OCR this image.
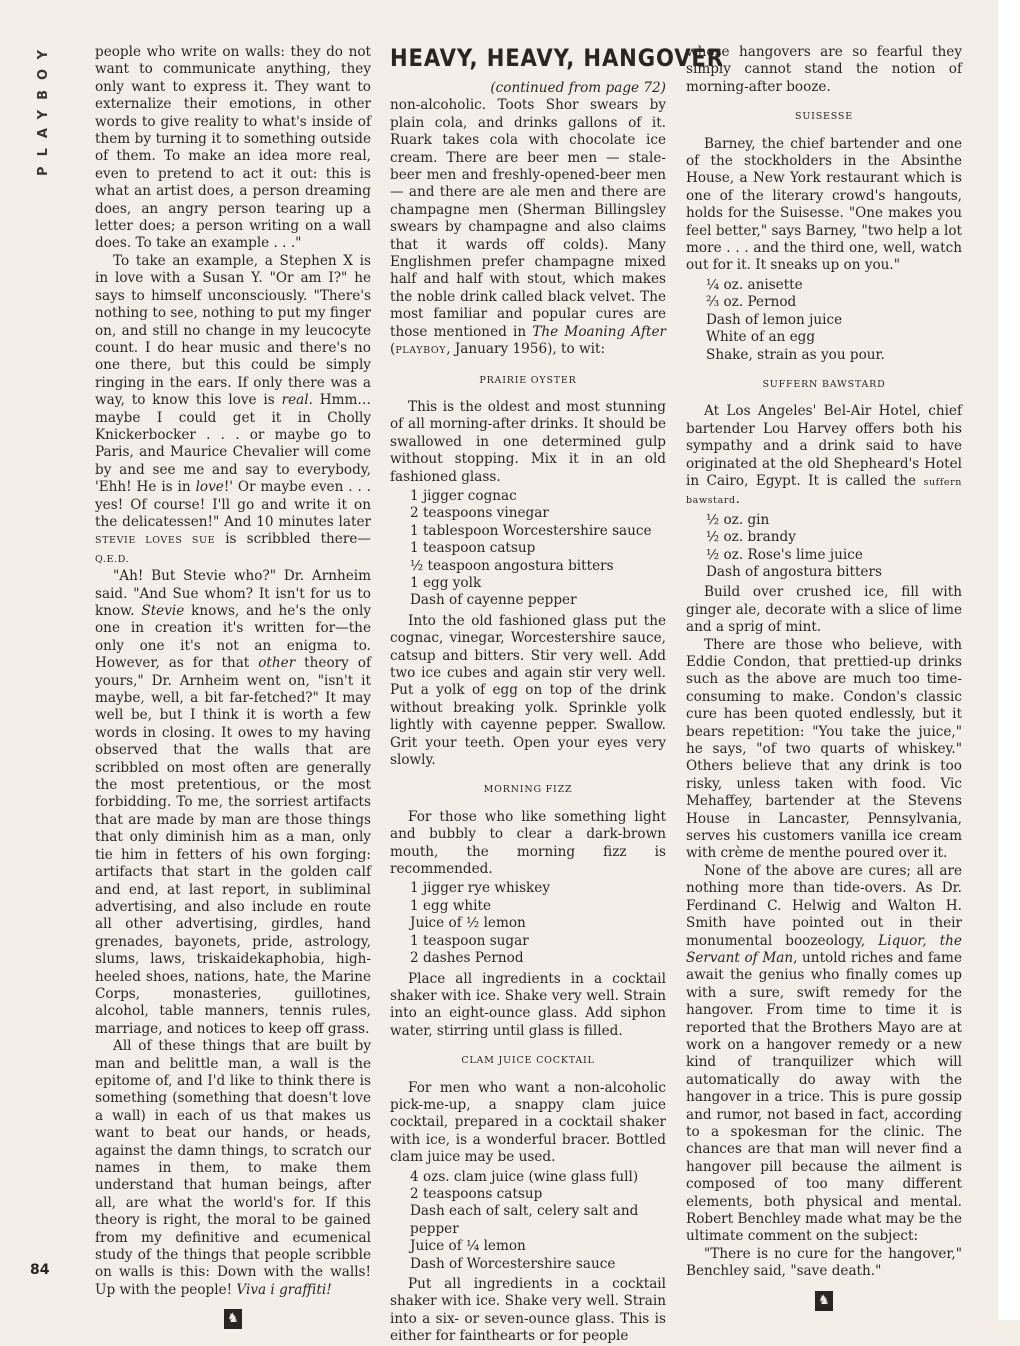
PLAYBOY	people who write on walls: they do not want to communicate anything, they only want to express it. They want to externalize their emotions, in other words to give reality to what's inside of them by turning it to something outside of them. To make an idea more real, even to pretend to act it out: this is what an artist does, a person dreaming does, an angry person tearing up a letter does; a person writing on a wall does. To take an example . . ."

To take an example, a Stephen X is in love with a Susan Y. "Or am I?" he says to himself unconsciously. "There's nothing to see, nothing to put my finger on, and still no change in my leucocyte count. I do hear music and there's no one there, but this could be simply ringing in the ears. If only there was a way, to know this love is real. Hmm…maybe I could get it in Cholly Knickerbocker . . . or maybe go to Paris, and Maurice Chevalier will come by and see me and say to everybody, 'Ehh! He is in love!' Or maybe even . . . yes! Of course! I'll go and write it on the delicatessen!" And 10 minutes later STEVIE LOVES SUE is scribbled there—Q.E.D.

"Ah! But Stevie who?" Dr. Arnheim said. "And Sue whom? It isn't for us to know. Stevie knows, and he's the only one in creation it's written for—the only one it's not an enigma to. However, as for that other theory of yours," Dr. Arnheim went on, "isn't it maybe, well, a bit far-fetched?" It may well be, but I think it is worth a few words in closing. It owes to my having observed that the walls that are scribbled on most often are generally the most pretentious, or the most forbidding. To me, the sorriest artifacts that are made by man are those things that only diminish him as a man, only tie him in fetters of his own forging: artifacts that start in the golden calf and end, at last report, in subliminal advertising, and also include en route all other advertising, girdles, hand grenades, bayonets, pride, astrology, slums, laws, triskaidekaphobia, high-heeled shoes, nations, hate, the Marine Corps, monasteries, guillotines, alcohol, table manners, tennis rules, marriage, and notices to keep off grass.

All of these things that are built by man and belittle man, a wall is the epitome of, and I'd like to think there is something (something that doesn't love a wall) in each of us that makes us want to beat our hands, or heads, against the damn things, to scratch our names in them, to make them understand that human beings, after all, are what the world's for. If this theory is right, the moral to be gained from my definitive and ecumenical study of the things that people scribble on walls is this: Down with the walls! Up with the people! Viva i graffiti!

♞
HEAVY, HEAVY, HANGOVER

(continued from page 72)

non-alcoholic. Toots Shor swears by plain cola, and drinks gallons of it. Ruark takes cola with chocolate ice cream. There are beer men — stale-beer men and freshly-opened-beer men — and there are ale men and there are champagne men (Sherman Billingsley swears by champagne and also claims that it wards off colds). Many Englishmen prefer champagne mixed half and half with stout, which makes the noble drink called black velvet. The most familiar and popular cures are those mentioned in The Moaning After (PLAYBOY, January 1956), to wit:

PRAIRIE OYSTER

This is the oldest and most stunning of all morning-after drinks. It should be swallowed in one determined gulp without stopping. Mix it in an old fashioned glass.

1 jigger cognac
2 teaspoons vinegar
1 tablespoon Worcestershire sauce
1 teaspoon catsup
½ teaspoon angostura bitters
1 egg yolk
Dash of cayenne pepper

Into the old fashioned glass put the cognac, vinegar, Worcestershire sauce, catsup and bitters. Stir very well. Add two ice cubes and again stir very well. Put a yolk of egg on top of the drink without breaking yolk. Sprinkle yolk lightly with cayenne pepper. Swallow. Grit your teeth. Open your eyes very slowly.

MORNING FIZZ

For those who like something light and bubbly to clear a dark-brown mouth, the morning fizz is recommended.

1 jigger rye whiskey
1 egg white
Juice of ½ lemon
1 teaspoon sugar
2 dashes Pernod

Place all ingredients in a cocktail shaker with ice. Shake very well. Strain into an eight-ounce glass. Add siphon water, stirring until glass is filled.

CLAM JUICE COCKTAIL

For men who want a non-alcoholic pick-me-up, a snappy clam juice cocktail, prepared in a cocktail shaker with ice, is a wonderful bracer. Bottled clam juice may be used.

4 ozs. clam juice (wine glass full)
2 teaspoons catsup
Dash each of salt, celery salt and pepper
Juice of ¼ lemon
Dash of Worcestershire sauce

Put all ingredients in a cocktail shaker with ice. Shake very well. Strain into a six- or seven-ounce glass. This is either for fainthearts or for people

whose hangovers are so fearful they simply cannot stand the notion of morning-after booze.

SUISESSE

Barney, the chief bartender and one of the stockholders in the Absinthe House, a New York restaurant which is one of the literary crowd's hangouts, holds for the Suisesse. "One makes you feel better," says Barney, "two help a lot more . . . and the third one, well, watch out for it. It sneaks up on you."

¼ oz. anisette
⅔ oz. Pernod
Dash of lemon juice
White of an egg
Shake, strain as you pour.
SUFFERN BAWSTARD

At Los Angeles' Bel-Air Hotel, chief bartender Lou Harvey offers both his sympathy and a drink said to have originated at the old Shepheard's Hotel in Cairo, Egypt. It is called the suffern bawstard.

½ oz. gin
½ oz. brandy
½ oz. Rose's lime juice
Dash of angostura bitters

Build over crushed ice, fill with ginger ale, decorate with a slice of lime and a sprig of mint.

There are those who believe, with Eddie Condon, that prettied-up drinks such as the above are much too time-consuming to make. Condon's classic cure has been quoted endlessly, but it bears repetition: "You take the juice," he says, "of two quarts of whiskey." Others believe that any drink is too risky, unless taken with food. Vic Mehaffey, bartender at the Stevens House in Lancaster, Pennsylvania, serves his customers vanilla ice cream with crème de menthe poured over it.

None of the above are cures; all are nothing more than tide-overs. As Dr. Ferdinand C. Helwig and Walton H. Smith have pointed out in their monumental boozeology, Liquor, the Servant of Man, untold riches and fame await the genius who finally comes up with a sure, swift remedy for the hangover. From time to time it is reported that the Brothers Mayo are at work on a hangover remedy or a new kind of tranquilizer which will automatically do away with the hangover in a trice. This is pure gossip and rumor, not based in fact, according to a spokesman for the clinic. The chances are that man will never find a hangover pill because the ailment is composed of too many different elements, both physical and mental. Robert Benchley made what may be the ultimate comment on the subject:

"There is no cure for the hangover," Benchley said, "save death."

♞
84
